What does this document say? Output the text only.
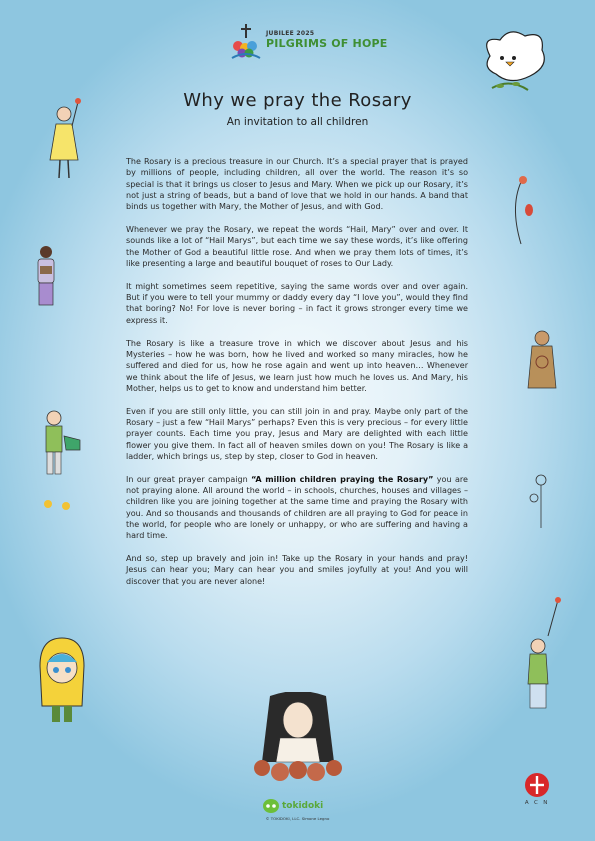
JUBILEE 2025
PILGRIMS OF HOPE
Why we pray the Rosary
An invitation to all children

The Rosary is a precious treasure in our Church. It’s a special prayer that is prayed by millions of people, including children, all over the world. The reason it’s so special is that it brings us closer to Jesus and Mary. When we pick up our Rosary, it’s not just a string of beads, but a band of love that we hold in our hands. A band that binds us together with Mary, the Mother of Jesus, and with God.

Whenever we pray the Rosary, we repeat the words “Hail, Mary” over and over. It sounds like a lot of “Hail Marys”, but each time we say these words, it’s like offering the Mother of God a beautiful little rose. And when we pray them lots of times, it’s like presenting a large and beautiful bouquet of roses to Our Lady.

It might sometimes seem repetitive, saying the same words over and over again. But if you were to tell your mummy or daddy every day “I love you”, would they find that boring? No! For love is never boring – in fact it grows stronger every time we express it.

The Rosary is like a treasure trove in which we discover about Jesus and his Mysteries – how he was born, how he lived and worked so many miracles, how he suffered and died for us, how he rose again and went up into heaven… Whenever we think about the life of Jesus, we learn just how much he loves us. And Mary, his Mother, helps us to get to know and understand him better.

Even if you are still only little, you can still join in and pray. Maybe only part of the Rosary – just a few “Hail Marys” perhaps? Even this is very precious – for every little prayer counts. Each time you pray, Jesus and Mary are delighted with each little flower you give them. In fact all of heaven smiles down on you! The Rosary is like a ladder, which brings us, step by step, closer to God in heaven.

In our great prayer campaign “A million children praying the Rosary” you are not praying alone. All around the world – in schools, churches, houses and villages – children like you are joining together at the same time and praying the Rosary with you. And so thousands and thousands of children are all praying to God for peace in the world, for people who are lonely or unhappy, or who are suffering and having a hard time.

And so, step up bravely and join in! Take up the Rosary in your hands and pray! Jesus can hear you; Mary can hear you and smiles joyfully at you! And you will discover that you are never alone!

tokidoki
© TOKIDOKI, LLC. Simone Legno
A C N
